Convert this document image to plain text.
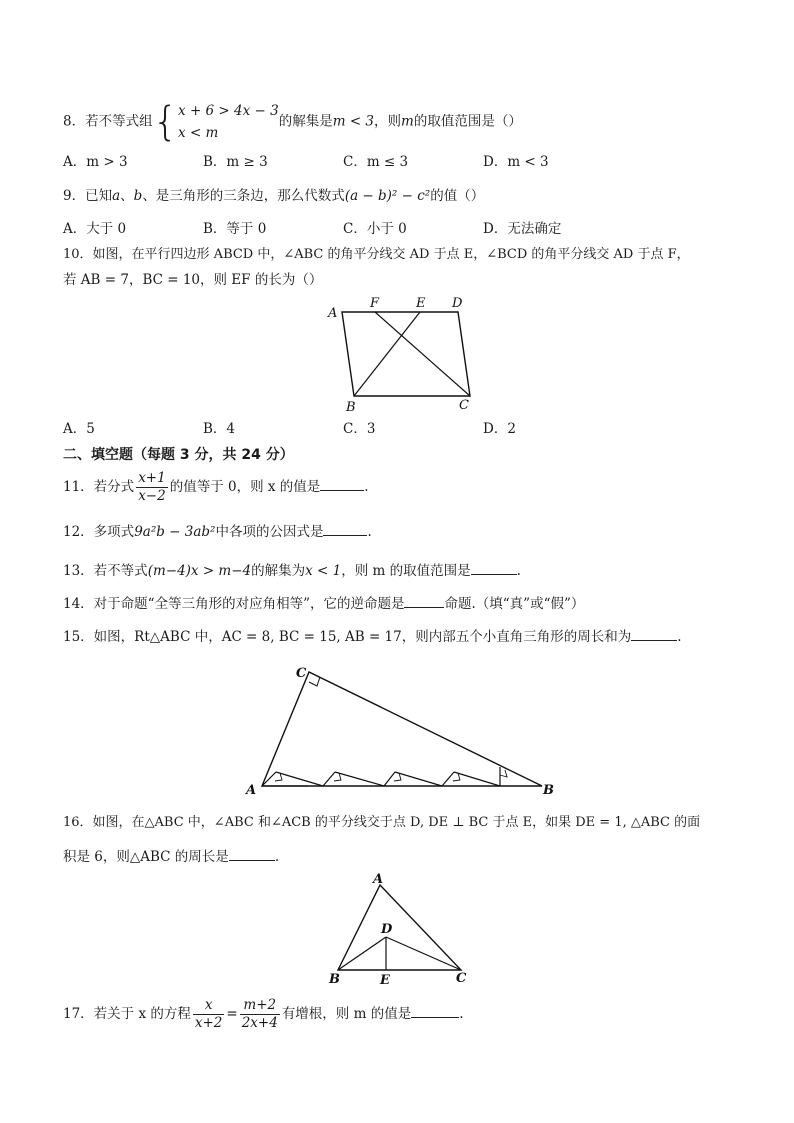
8．若不等式组{ x + 6 > 4x − 3
x < m
的解集是m < 3，则m的取值范围是（）
A．m > 3	B．m ≥ 3	C．m ≤ 3	D．m < 3
9．已知a、b、是三角形的三条边，那么代数式(a − b)² − c²的值（）
A．大于 0	B．等于 0	C．小于 0	D．无法确定
10．如图，在平行四边形 ABCD 中，∠ABC 的角平分线交 AD 于点 E，∠BCD 的角平分线交 AD 于点 F，
若 AB = 7，BC = 10，则 EF 的长为（）
A
F	E D
B	C
A．5	B．4	C．3	D．2
二、填空题（每题 3 分，共 24 分）
11．若分式 $\frac{x+1}{x-2}$ 的值等于 0，则 x 的值是	.
12．多项式9a²b − 3ab²中各项的公因式是	.
13．若不等式(m−4)x > m−4的解集为x < 1，则 m 的取值范围是	.
14．对于命题“全等三角形的对应角相等”，它的逆命题是	命题.（填“真”或“假”）
15．如图，Rt△ABC 中，AC = 8, BC = 15, AB = 17，则内部五个小直角三角形的周长和为	.
C
A	B
16．如图，在△ABC 中，∠ABC 和∠ACB 的平分线交于点 D, DE ⊥ BC 于点 E，如果 DE = 1, △ABC 的面
积是 6，则△ABC 的周长是	.
A
D
B	E	C
17．若关于 x 的方程 $\frac{x}{x+2} = \frac{m+2}{2x+4}$ 有增根，则 m 的值是	.
